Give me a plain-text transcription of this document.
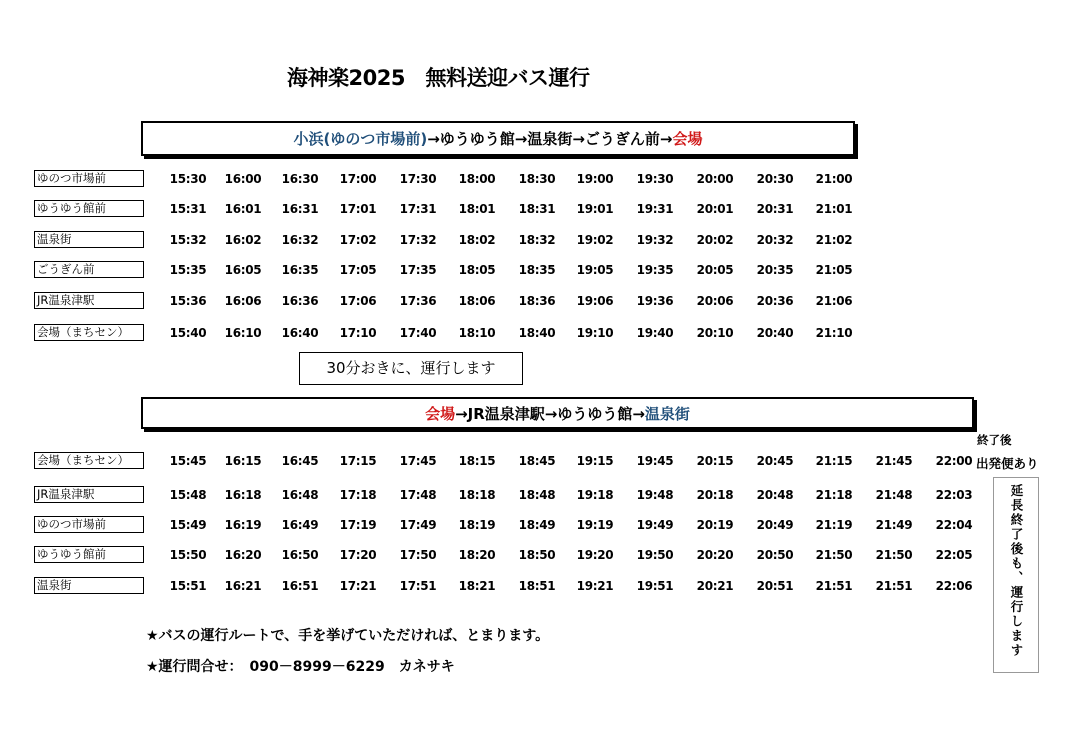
海神楽2025　無料送迎バス運行
小浜(ゆのつ市場前) →ゆうゆう館→温泉街→ごうぎん前→ 会場
ゆのつ市場前	15:30 16:00 16:30 17:00 17:30 18:00 18:30 19:00 19:30 20:00 20:30 21:00
ゆうゆう館前	15:31 16:01 16:31 17:01 17:31 18:01 18:31 19:01 19:31 20:01 20:31 21:01
温泉街	15:32 16:02 16:32 17:02 17:32 18:02 18:32 19:02 19:32 20:02 20:32 21:02
ごうぎん前	15:35 16:05 16:35 17:05 17:35 18:05 18:35 19:05 19:35 20:05 20:35 21:05
JR温泉津駅	15:36 16:06 16:36 17:06 17:36 18:06 18:36 19:06 19:36 20:06 20:36 21:06
会場（まちセン）	15:40 16:10 16:40 17:10 17:40 18:10 18:40 19:10 19:40 20:10 20:40 21:10
30分おきに、運行します
会場 →JR温泉津駅→ゆうゆう館→ 温泉街
会場（まちセン）	15:45 16:15 16:45 17:15 17:45 18:15 18:45 19:15 19:45 20:15 20:45 21:15 21:45 22:00
JR温泉津駅	15:48 16:18 16:48 17:18 17:48 18:18 18:48 19:18 19:48 20:18 20:48 21:18 21:48 22:03
ゆのつ市場前	15:49 16:19 16:49 17:19 17:49 18:19 18:49 19:19 19:49 20:19 20:49 21:19 21:49 22:04
ゆうゆう館前	15:50 16:20 16:50 17:20 17:50 18:20 18:50 19:20 19:50 20:20 20:50 21:50 21:50 22:05
温泉街	15:51 16:21 16:51 17:21 17:51 18:21 18:51 19:21 19:51 20:21 20:51 21:51 21:51 22:06
終了後
出発便あり
延長終了後も、運行します
★バスの運行ルートで、手を挙げていただければ、とまります。
★運行問合せ：　090－8999－6229　カネサキ
